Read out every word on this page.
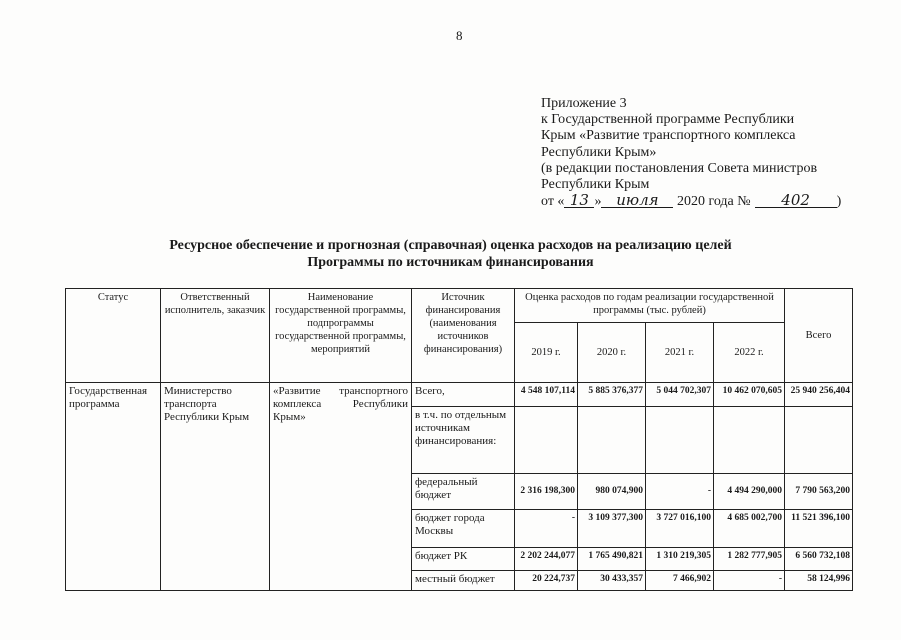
8
Приложение 3
к Государственной программе Республики
Крым «Развитие транспортного комплекса
Республики Крым»
(в редакции постановления Совета министров
Республики Крым
от « 13 » июля 2020 года № 402 )
Ресурсное обеспечение и прогнозная (справочная) оценка расходов на реализацию целей
Программы по источникам финансирования
Статус	Ответственный исполнитель, заказчик	Наименование государственной программы, подпрограммы государственной программы, мероприятий	Источник финансирования (наименования источников финансирования)	Оценка расходов по годам реализации государственной программы (тыс. рублей)				Всего
				2019 г.	2020 г.	2021 г.	2022 г.	
Государственная программа	Министерство транспорта Республики Крым	«Развитие транспортного комплекса Республики Крым»	Всего,	4 548 107,114	5 885 376,377	5 044 702,307	10 462 070,605	25 940 256,404
			в т.ч. по отдельным источникам финансирования:					
			федеральный бюджет	2 316 198,300	980 074,900	-	4 494 290,000	7 790 563,200
			бюджет города Москвы	-	3 109 377,300	3 727 016,100	4 685 002,700	11 521 396,100
			бюджет РК	2 202 244,077	1 765 490,821	1 310 219,305	1 282 777,905	6 560 732,108
			местный бюджет	20 224,737	30 433,357	7 466,902	-	58 124,996
